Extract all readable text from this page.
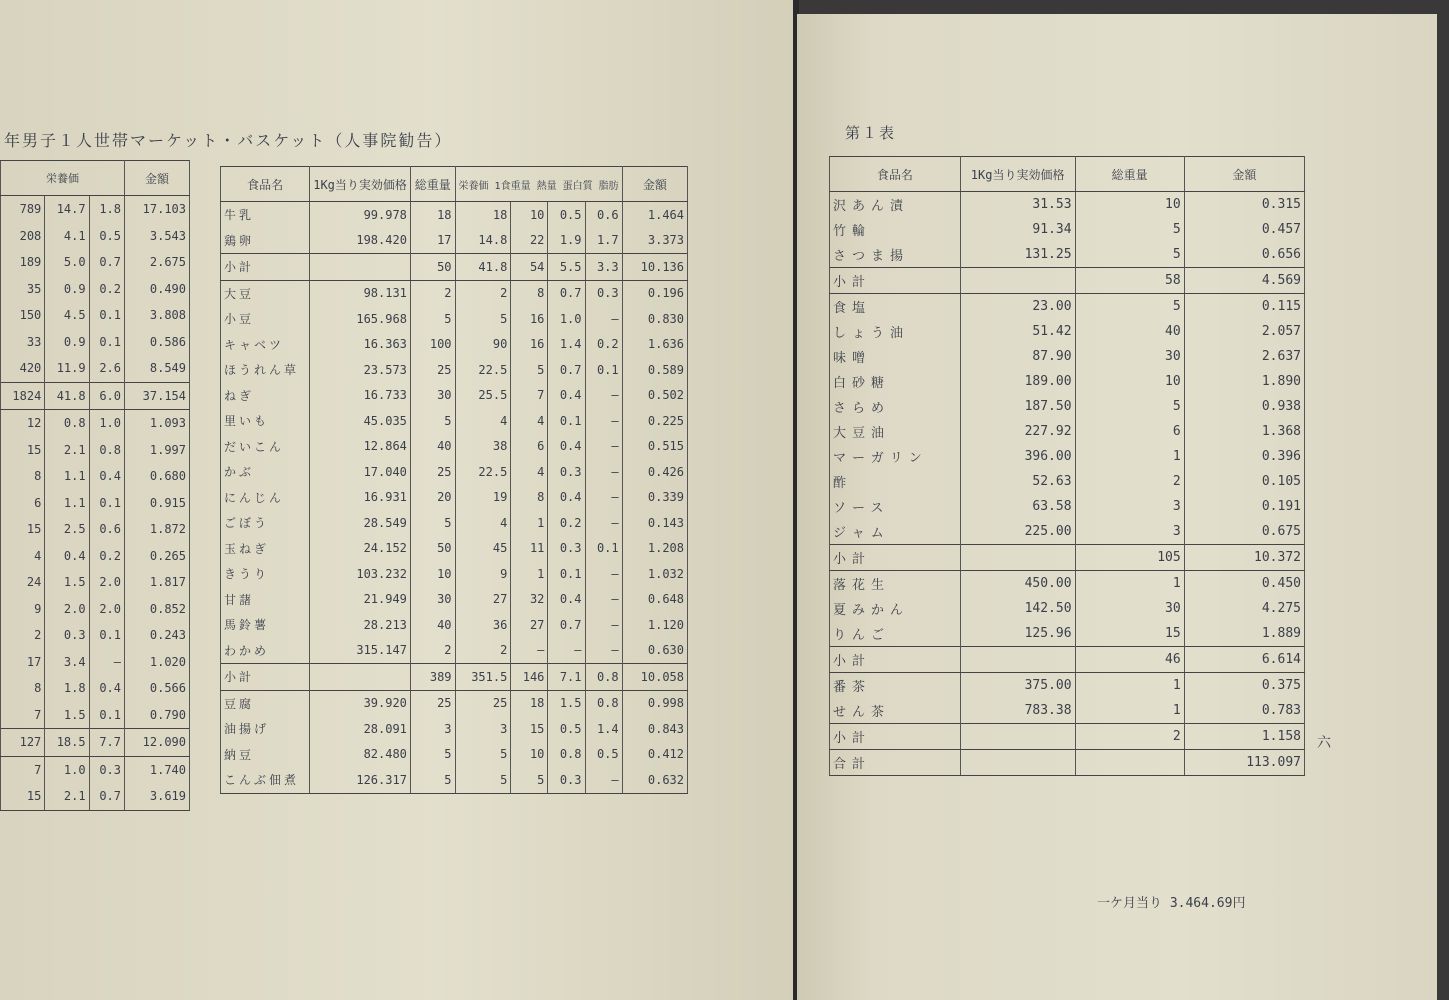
年男子１人世帯マーケット・バスケット（人事院勧告）
栄養価			金額
789	14.7	1.8	17.103
208	4.1	0.5	3.543
189	5.0	0.7	2.675
35	0.9	0.2	0.490
150	4.5	0.1	3.808
33	0.9	0.1	0.586
420	11.9	2.6	8.549
1824	41.8	6.0	37.154
12	0.8	1.0	1.093
15	2.1	0.8	1.997
8	1.1	0.4	0.680
6	1.1	0.1	0.915
15	2.5	0.6	1.872
4	0.4	0.2	0.265
24	1.5	2.0	1.817
9	2.0	2.0	0.852
2	0.3	0.1	0.243
17	3.4	—	1.020
8	1.8	0.4	0.566
7	1.5	0.1	0.790
127	18.5	7.7	12.090
7	1.0	0.3	1.740
15	2.1	0.7	3.619
食品名	1Kg当り実効価格	総重量	栄養価 1食重量 熱量 蛋白質 脂肪				金額
牛乳	99.978	18	18	10	0.5	0.6	1.464
鶏卵	198.420	17	14.8	22	1.9	1.7	3.373
小計		50	41.8	54	5.5	3.3	10.136
大豆	98.131	2	2	8	0.7	0.3	0.196
小豆	165.968	5	5	16	1.0	—	0.830
キャベツ	16.363	100	90	16	1.4	0.2	1.636
ほうれん草	23.573	25	22.5	5	0.7	0.1	0.589
ねぎ	16.733	30	25.5	7	0.4	—	0.502
里いも	45.035	5	4	4	0.1	—	0.225
だいこん	12.864	40	38	6	0.4	—	0.515
かぶ	17.040	25	22.5	4	0.3	—	0.426
にんじん	16.931	20	19	8	0.4	—	0.339
ごぼう	28.549	5	4	1	0.2	—	0.143
玉ねぎ	24.152	50	45	11	0.3	0.1	1.208
きうり	103.232	10	9	1	0.1	—	1.032
甘藷	21.949	30	27	32	0.4	—	0.648
馬鈴薯	28.213	40	36	27	0.7	—	1.120
わかめ	315.147	2	2	—	—	—	0.630
小計		389	351.5	146	7.1	0.8	10.058
豆腐	39.920	25	25	18	1.5	0.8	0.998
油揚げ	28.091	3	3	15	0.5	1.4	0.843
納豆	82.480	5	5	10	0.8	0.5	0.412
こんぶ佃煮	126.317	5	5	5	0.3	—	0.632
第１表
食品名	1Kg当り実効価格	総重量	金額
沢あん漬	31.53	10	0.315
竹輪	91.34	5	0.457
さつま揚	131.25	5	0.656
小計		58	4.569
食塩	23.00	5	0.115
しょう油	51.42	40	2.057
味噌	87.90	30	2.637
白砂糖	189.00	10	1.890
さらめ	187.50	5	0.938
大豆油	227.92	6	1.368
マーガリン	396.00	1	0.396
酢	52.63	2	0.105
ソース	63.58	3	0.191
ジャム	225.00	3	0.675
小計		105	10.372
落花生	450.00	1	0.450
夏みかん	142.50	30	4.275
りんご	125.96	15	1.889
小計		46	6.614
番茶	375.00	1	0.375
せん茶	783.38	1	0.783
小計		2	1.158
合計			113.097
一ケ月当り 3.464.69円
六
